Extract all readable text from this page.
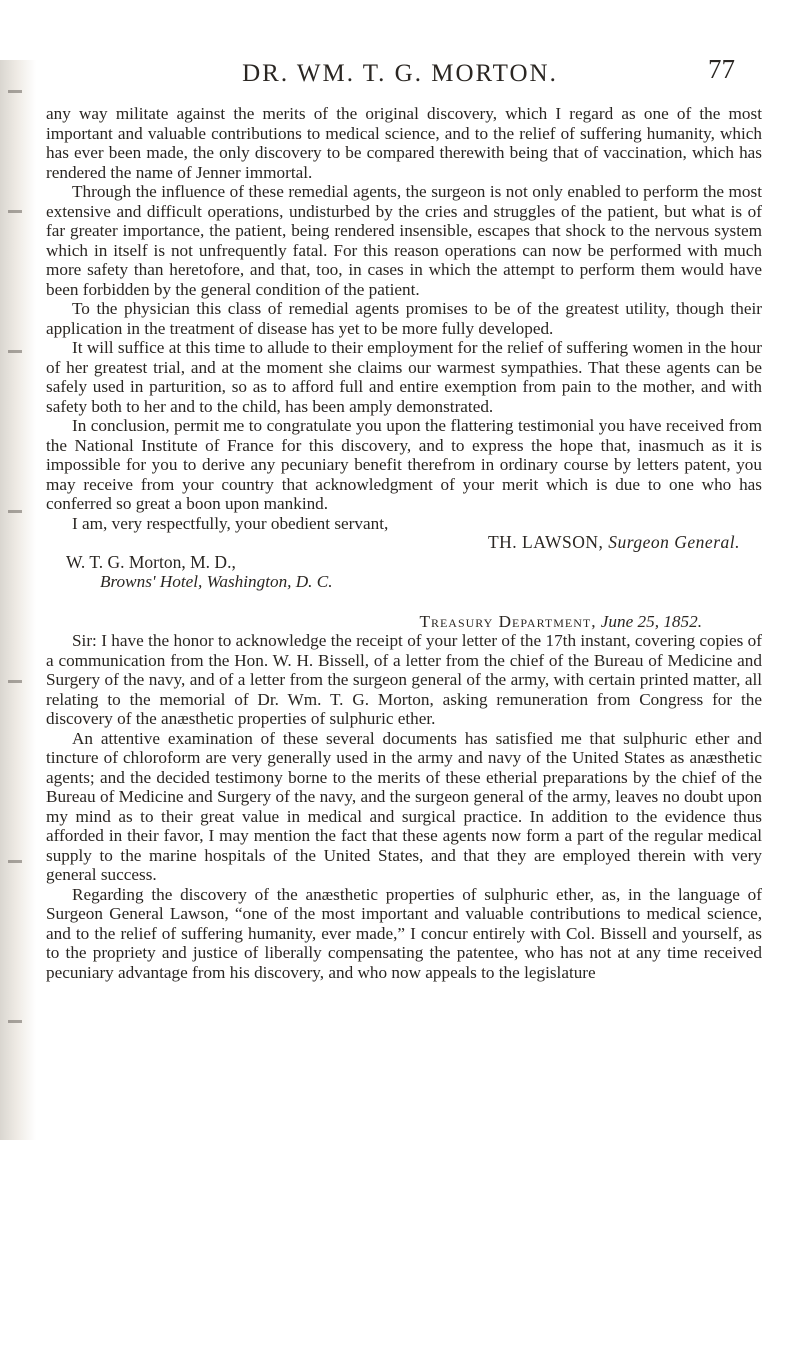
DR. WM. T. G. MORTON.	77

any way militate against the merits of the original discovery, which I regard as one of the most important and valuable contributions to medical science, and to the relief of suffering humanity, which has ever been made, the only discovery to be compared therewith being that of vaccination, which has rendered the name of Jenner immortal.

Through the influence of these remedial agents, the surgeon is not only enabled to perform the most extensive and difficult operations, undisturbed by the cries and struggles of the patient, but what is of far greater importance, the patient, being rendered insensible, escapes that shock to the nervous system which in itself is not unfrequently fatal. For this reason operations can now be performed with much more safety than heretofore, and that, too, in cases in which the attempt to perform them would have been forbidden by the general condition of the patient.

To the physician this class of remedial agents promises to be of the greatest utility, though their application in the treatment of disease has yet to be more fully developed.

It will suffice at this time to allude to their employment for the relief of suffering women in the hour of her greatest trial, and at the moment she claims our warmest sympathies. That these agents can be safely used in parturition, so as to afford full and entire exemption from pain to the mother, and with safety both to her and to the child, has been amply demonstrated.

In conclusion, permit me to congratulate you upon the flattering testimonial you have received from the National Institute of France for this discovery, and to express the hope that, inasmuch as it is impossible for you to derive any pecuniary benefit therefrom in ordinary course by letters patent, you may receive from your country that acknowledgment of your merit which is due to one who has conferred so great a boon upon mankind.

I am, very respectfully, your obedient servant,

TH. LAWSON, Surgeon General.
W. T. G. Morton, M. D.,
Browns' Hotel, Washington, D. C.
Treasury Department, June 25, 1852.

Sir: I have the honor to acknowledge the receipt of your letter of the 17th instant, covering copies of a communication from the Hon. W. H. Bissell, of a letter from the chief of the Bureau of Medicine and Surgery of the navy, and of a letter from the surgeon general of the army, with certain printed matter, all relating to the memorial of Dr. Wm. T. G. Morton, asking remuneration from Congress for the discovery of the anæsthetic properties of sulphuric ether.

An attentive examination of these several documents has satisfied me that sulphuric ether and tincture of chloroform are very generally used in the army and navy of the United States as anæsthetic agents; and the decided testimony borne to the merits of these etherial preparations by the chief of the Bureau of Medicine and Surgery of the navy, and the surgeon general of the army, leaves no doubt upon my mind as to their great value in medical and surgical practice. In addition to the evidence thus afforded in their favor, I may mention the fact that these agents now form a part of the regular medical supply to the marine hospitals of the United States, and that they are employed therein with very general success.

Regarding the discovery of the anæsthetic properties of sulphuric ether, as, in the language of Surgeon General Lawson, “one of the most important and valuable contributions to medical science, and to the relief of suffering humanity, ever made,” I concur entirely with Col. Bissell and yourself, as to the propriety and justice of liberally compensating the patentee, who has not at any time received pecuniary advantage from his discovery, and who now appeals to the legislature
